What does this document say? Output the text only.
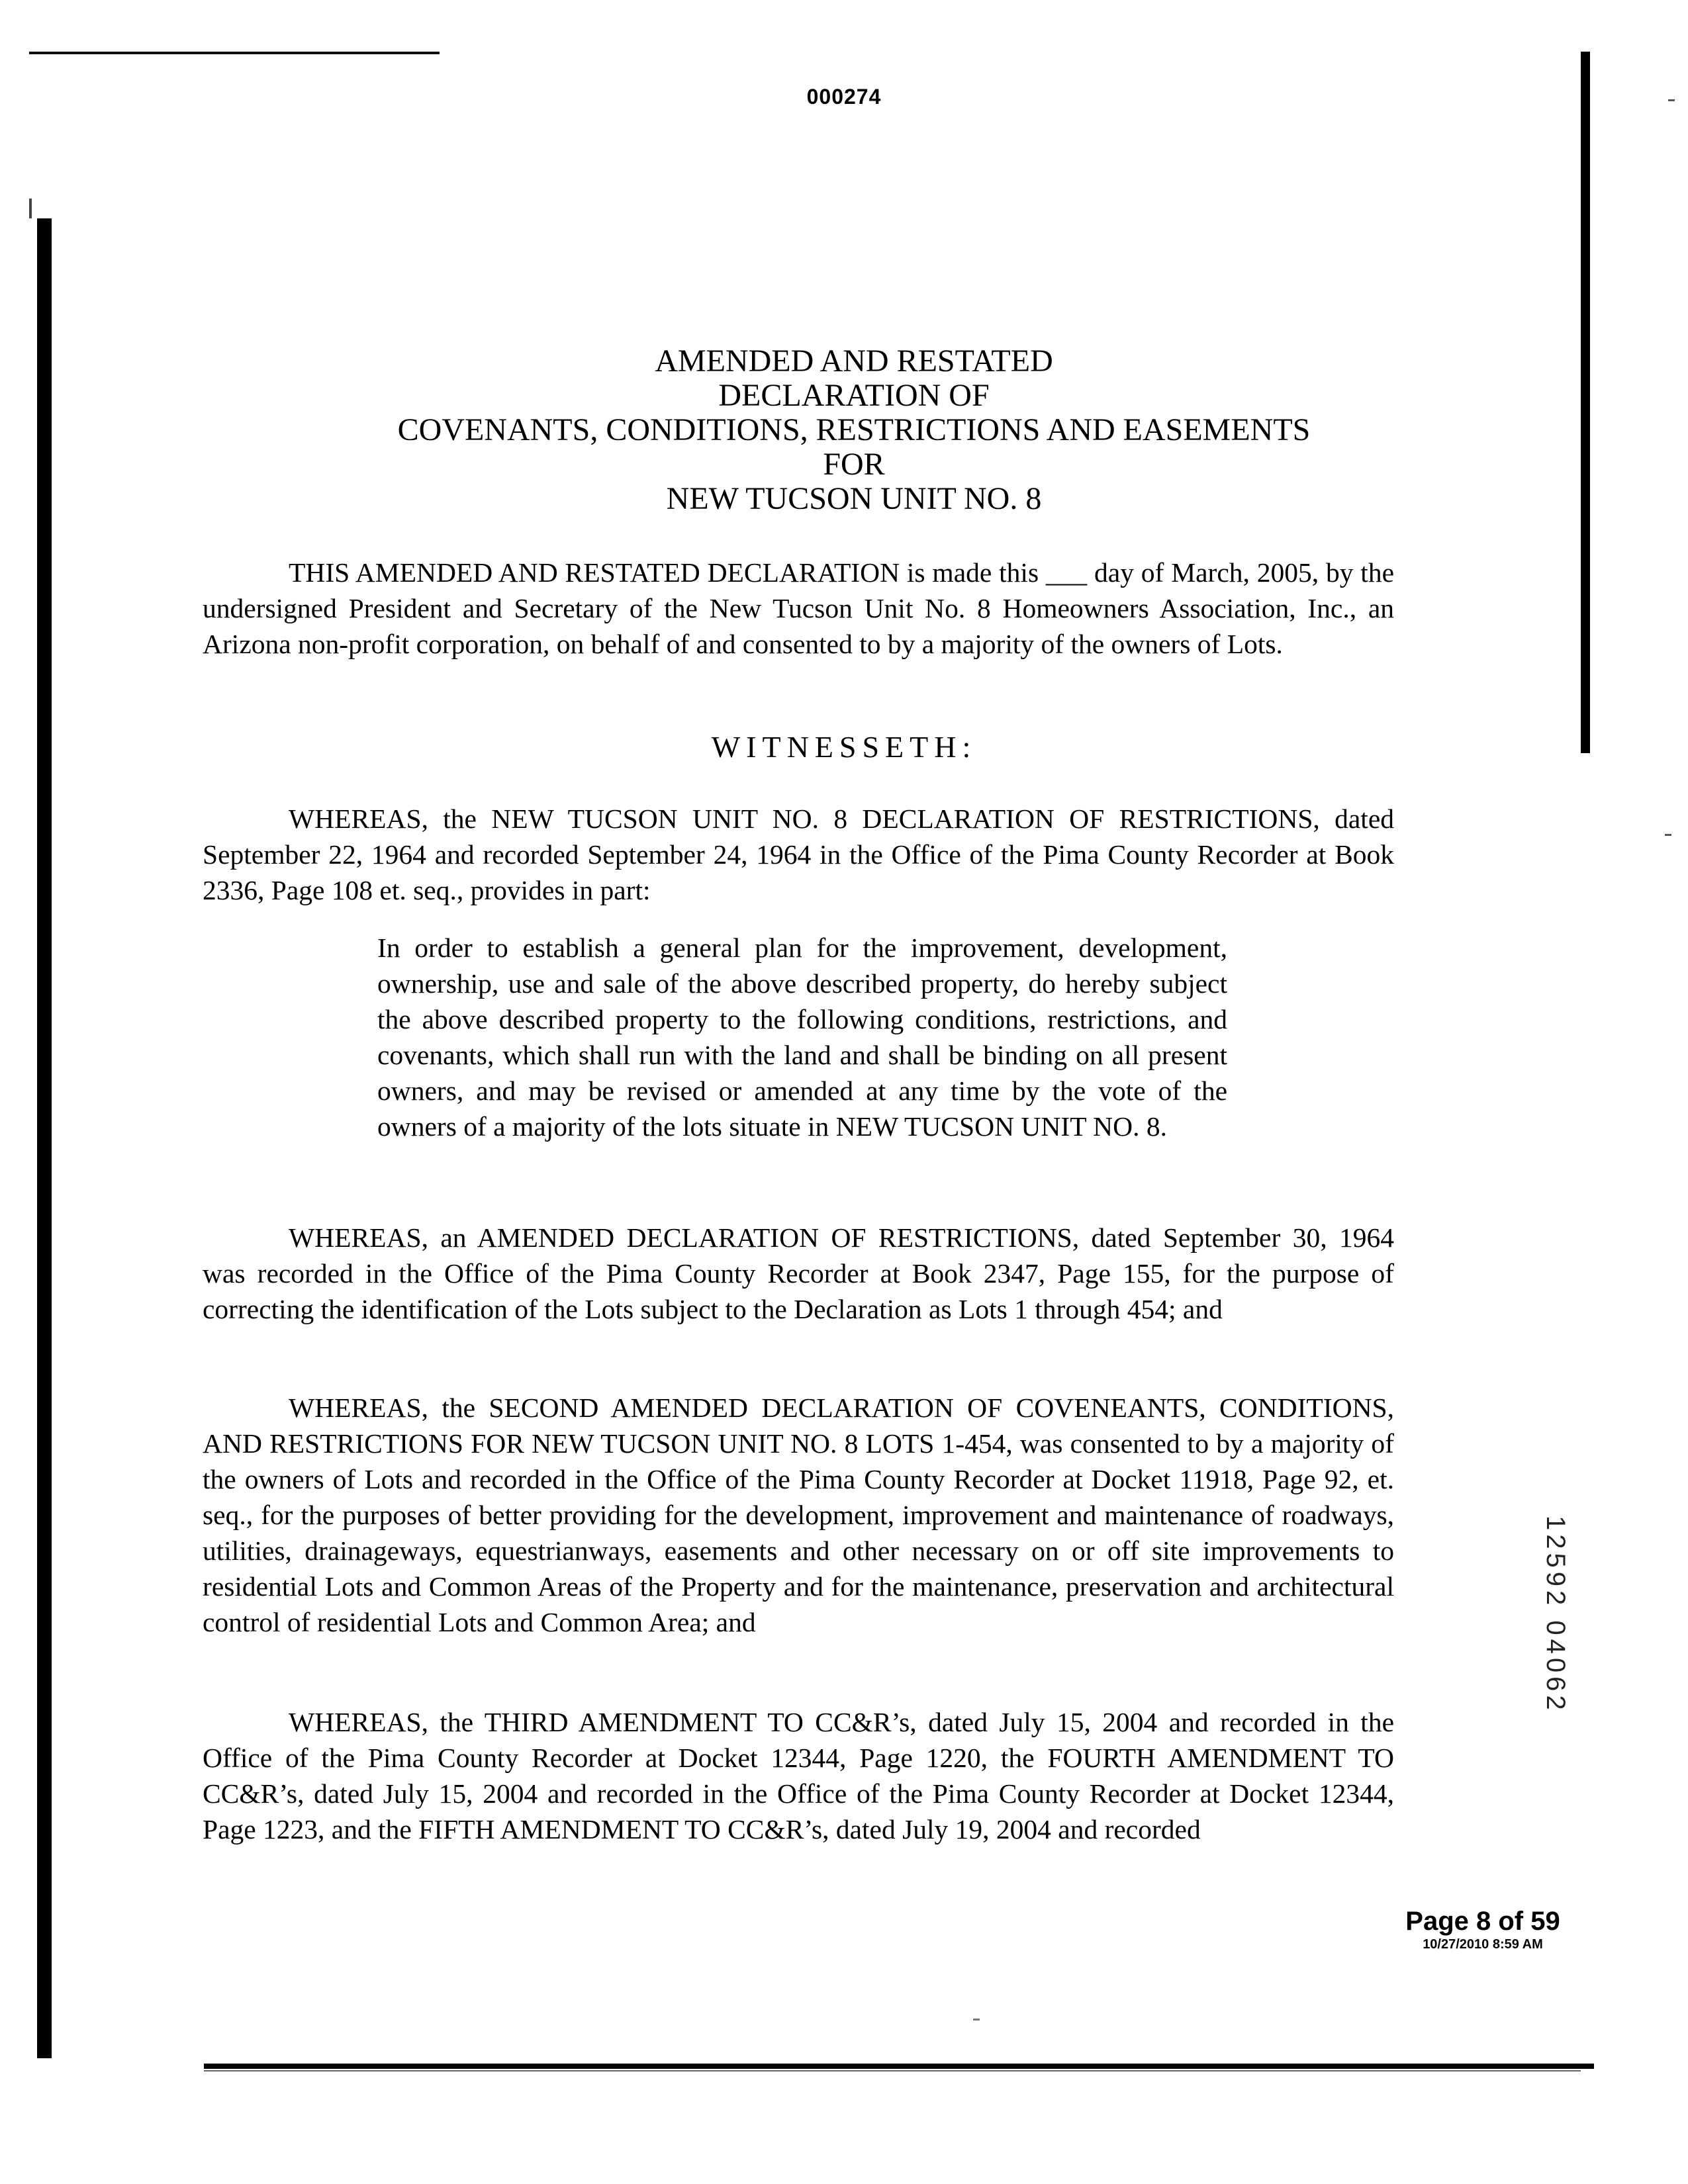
000274
AMENDED AND RESTATED
DECLARATION OF
COVENANTS, CONDITIONS, RESTRICTIONS AND EASEMENTS
FOR
NEW TUCSON UNIT NO. 8
THIS AMENDED AND RESTATED DECLARATION is made this ___ day of March, 2005, by the undersigned President and Secretary of the New Tucson Unit No. 8 Homeowners Association, Inc., an Arizona non-profit corporation, on behalf of and consented to by a majority of the owners of Lots.
WITNESSETH:
WHEREAS, the NEW TUCSON UNIT NO. 8 DECLARATION OF RESTRICTIONS, dated September 22, 1964 and recorded September 24, 1964 in the Office of the Pima County Recorder at Book 2336, Page 108 et. seq., provides in part:
In order to establish a general plan for the improvement, development, ownership, use and sale of the above described property, do hereby subject the above described property to the following conditions, restrictions, and covenants, which shall run with the land and shall be binding on all present owners, and may be revised or amended at any time by the vote of the owners of a majority of the lots situate in NEW TUCSON UNIT NO. 8.
WHEREAS, an AMENDED DECLARATION OF RESTRICTIONS, dated September 30, 1964 was recorded in the Office of the Pima County Recorder at Book 2347, Page 155, for the purpose of correcting the identification of the Lots subject to the Declaration as Lots 1 through 454; and
WHEREAS, the SECOND AMENDED DECLARATION OF COVENEANTS, CONDITIONS, AND RESTRICTIONS FOR NEW TUCSON UNIT NO. 8 LOTS 1-454, was consented to by a majority of the owners of Lots and recorded in the Office of the Pima County Recorder at Docket 11918, Page 92, et. seq., for the purposes of better providing for the development, improvement and maintenance of roadways, utilities, drainageways, equestrianways, easements and other necessary on or off site improvements to residential Lots and Common Areas of the Property and for the maintenance, preservation and architectural control of residential Lots and Common Area; and
WHEREAS, the THIRD AMENDMENT TO CC&R’s, dated July 15, 2004 and recorded in the Office of the Pima County Recorder at Docket 12344, Page 1220, the FOURTH AMENDMENT TO CC&R’s, dated July 15, 2004 and recorded in the Office of the Pima County Recorder at Docket 12344, Page 1223, and the FIFTH AMENDMENT TO CC&R’s, dated July 19, 2004 and recorded
12592 04062
Page 8 of 59
10/27/2010 8:59 AM
